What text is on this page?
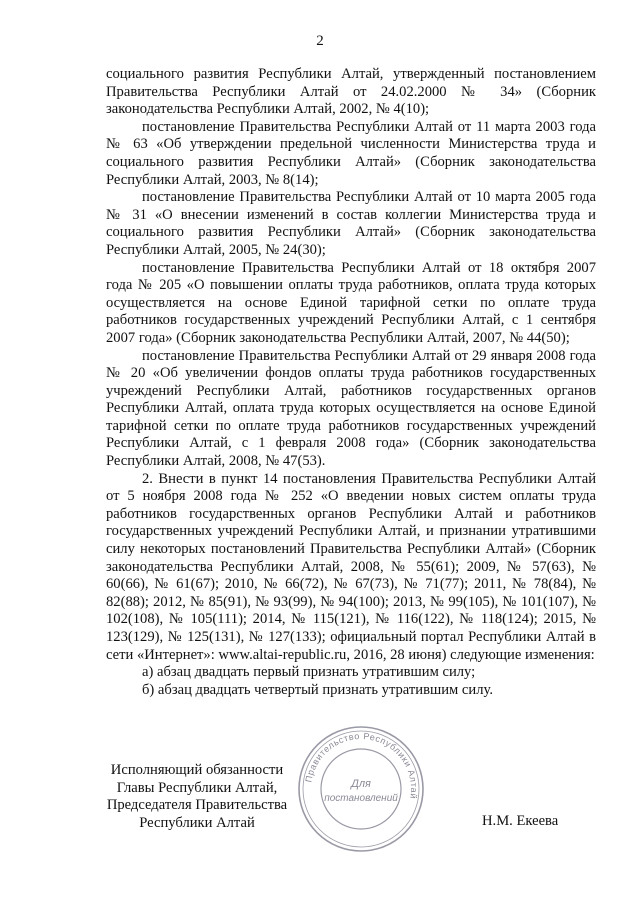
2

социального развития Республики Алтай, утвержденный постановлением Правительства Республики Алтай от 24.02.2000 № 34» (Сборник законодательства Республики Алтай, 2002, № 4(10);

постановление Правительства Республики Алтай от 11 марта 2003 года № 63 «Об утверждении предельной численности Министерства труда и социального развития Республики Алтай» (Сборник законодательства Республики Алтай, 2003, № 8(14);

постановление Правительства Республики Алтай от 10 марта 2005 года № 31 «О внесении изменений в состав коллегии Министерства труда и социального развития Республики Алтай» (Сборник законодательства Республики Алтай, 2005, № 24(30);

постановление Правительства Республики Алтай от 18 октября 2007 года № 205 «О повышении оплаты труда работников, оплата труда которых осуществляется на основе Единой тарифной сетки по оплате труда работников государственных учреждений Республики Алтай, с 1 сентября 2007 года» (Сборник законодательства Республики Алтай, 2007, № 44(50);

постановление Правительства Республики Алтай от 29 января 2008 года № 20 «Об увеличении фондов оплаты труда работников государственных учреждений Республики Алтай, работников государственных органов Республики Алтай, оплата труда которых осуществляется на основе Единой тарифной сетки по оплате труда работников государственных учреждений Республики Алтай, с 1 февраля 2008 года» (Сборник законодательства Республики Алтай, 2008, № 47(53).

2. Внести в пункт 14 постановления Правительства Республики Алтай от 5 ноября 2008 года № 252 «О введении новых систем оплаты труда работников государственных органов Республики Алтай и работников государственных учреждений Республики Алтай, и признании утратившими силу некоторых постановлений Правительства Республики Алтай» (Сборник законодательства Республики Алтай, 2008, № 55(61); 2009, № 57(63), № 60(66), № 61(67); 2010, № 66(72), № 67(73), № 71(77); 2011, № 78(84), № 82(88); 2012, № 85(91), № 93(99), № 94(100); 2013, № 99(105), № 101(107), № 102(108), № 105(111); 2014, № 115(121), № 116(122), № 118(124); 2015, № 123(129), № 125(131), № 127(133); официальный портал Республики Алтай в сети «Интернет»: www.altai-republic.ru, 2016, 28 июня) следующие изменения:

а) абзац двадцать первый признать утратившим силу;

б) абзац двадцать четвертый признать утратившим силу.

Исполняющий обязанности
Главы Республики Алтай,
Председателя Правительства
Республики Алтай	Н.М. Екеева
Правительство Республики Алтай
Для
постановлений
